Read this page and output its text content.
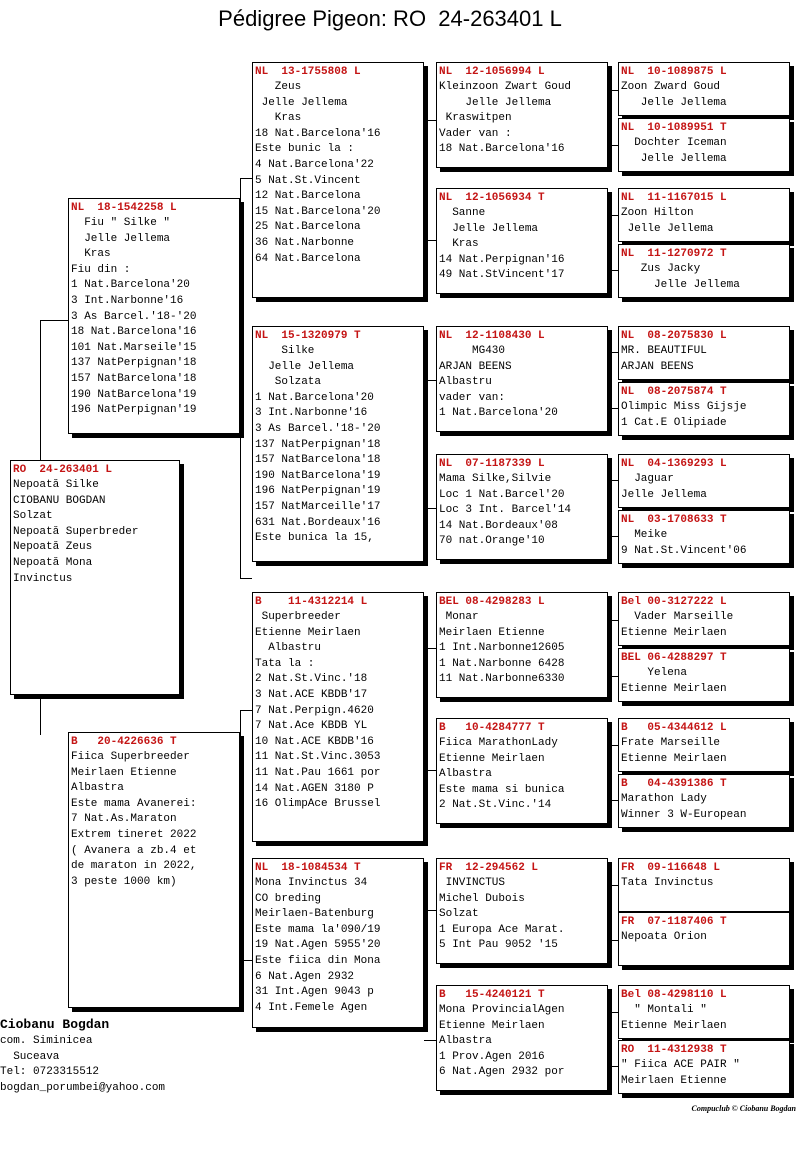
Pédigree Pigeon: RO  24-263401 L
RO  24-263401 L
Nepoată Silke
CIOBANU BOGDAN
Solzat
Nepoată Superbreder
Nepoată Zeus
Nepoată Mona
Invinctus
NL  18-1542258 L
Fiu " Silke "
Jelle Jellema
Kras
Fiu din :
1 Nat.Barcelona'20
3 Int.Narbonne'16
3 As Barcel.'18-'20
18 Nat.Barcelona'16
101 Nat.Marseile'15
137 NatPerpignan'18
157 NatBarcelona'18
190 NatBarcelona'19
196 NatPerpignan'19
B   20-4226636 T
Fiica Superbreeder
Meirlaen Etienne
Albastra
Este mama Avanerei:
7 Nat.As.Maraton
Extrem tineret 2022
( Avanera a zb.4 et
de maraton in 2022,
3 peste 1000 km)
NL  13-1755808 L
Zeus
Jelle Jellema
Kras
18 Nat.Barcelona'16
Este bunic la :
4 Nat.Barcelona'22
5 Nat.St.Vincent
12 Nat.Barcelona
15 Nat.Barcelona'20
25 Nat.Barcelona
36 Nat.Narbonne
64 Nat.Barcelona
NL  15-1320979 T
Silke
Jelle Jellema
Solzata
1 Nat.Barcelona'20
3 Int.Narbonne'16
3 As Barcel.'18-'20
137 NatPerpignan'18
157 NatBarcelona'18
190 NatBarcelona'19
196 NatPerpignan'19
157 NatMarceille'17
631 Nat.Bordeaux'16
Este bunica la 15,
B    11-4312214 L
Superbreeder
Etienne Meirlaen
Albastru
Tata la :
2 Nat.St.Vinc.'18
3 Nat.ACE KBDB'17
7 Nat.Perpign.4620
7 Nat.Ace KBDB YL
10 Nat.ACE KBDB'16
11 Nat.St.Vinc.3053
11 Nat.Pau 1661 por
14 Nat.AGEN 3180 P
16 OlimpAce Brussel
NL  18-1084534 T
Mona Invinctus 34
CO breding
Meirlaen-Batenburg
Este mama la'090/19
19 Nat.Agen 5955'20
Este fiica din Mona
6 Nat.Agen 2932
31 Int.Agen 9043 p
4 Int.Femele Agen
NL  12-1056994 L
Kleinzoon Zwart Goud
Jelle Jellema
Kraswitpen
Vader van :
18 Nat.Barcelona'16
NL  12-1056934 T
Sanne
Jelle Jellema
Kras
14 Nat.Perpignan'16
49 Nat.StVincent'17
NL  12-1108430 L
MG430
ARJAN BEENS
Albastru
vader van:
1 Nat.Barcelona'20
NL  07-1187339 L
Mama Silke,Silvie
Loc 1 Nat.Barcel'20
Loc 3 Int. Barcel'14
14 Nat.Bordeaux'08
70 nat.Orange'10
BEL 08-4298283 L
Monar
Meirlaen Etienne
1 Int.Narbonne12605
1 Nat.Narbonne 6428
11 Nat.Narbonne6330
B   10-4284777 T
Fiica MarathonLady
Etienne Meirlaen
Albastra
Este mama si bunica
2 Nat.St.Vinc.'14
FR  12-294562 L
INVINCTUS
Michel Dubois
Solzat
1 Europa Ace Marat.
5 Int Pau 9052 '15
B   15-4240121 T
Mona ProvincialAgen
Etienne Meirlaen
Albastra
1 Prov.Agen 2016
6 Nat.Agen 2932 por
NL  10-1089875 L
Zoon Zward Goud
Jelle Jellema
NL  10-1089951 T
Dochter Iceman
Jelle Jellema
NL  11-1167015 L
Zoon Hilton
Jelle Jellema
NL  11-1270972 T
Zus Jacky
Jelle Jellema
NL  08-2075830 L
MR. BEAUTIFUL
ARJAN BEENS
NL  08-2075874 T
Olimpic Miss Gijsje
1 Cat.E Olipiade
NL  04-1369293 L
Jaguar
Jelle Jellema
NL  03-1708633 T
Meike
9 Nat.St.Vincent'06
Bel 00-3127222 L
Vader Marseille
Etienne Meirlaen
BEL 06-4288297 T
Yelena
Etienne Meirlaen
B   05-4344612 L
Frate Marseille
Etienne Meirlaen
B   04-4391386 T
Marathon Lady
Winner 3 W-European
FR  09-116648 L
Tata Invinctus
FR  07-1187406 T
Nepoata Orion
Bel 08-4298110 L
" Montali "
Etienne Meirlaen
RO  11-4312938 T
" Fiica ACE PAIR "
Meirlaen Etienne
Ciobanu Bogdan
com. Siminicea
Suceava
Tel: 0723315512
bogdan_porumbei@yahoo.com
Compuclub © Ciobanu Bogdan
